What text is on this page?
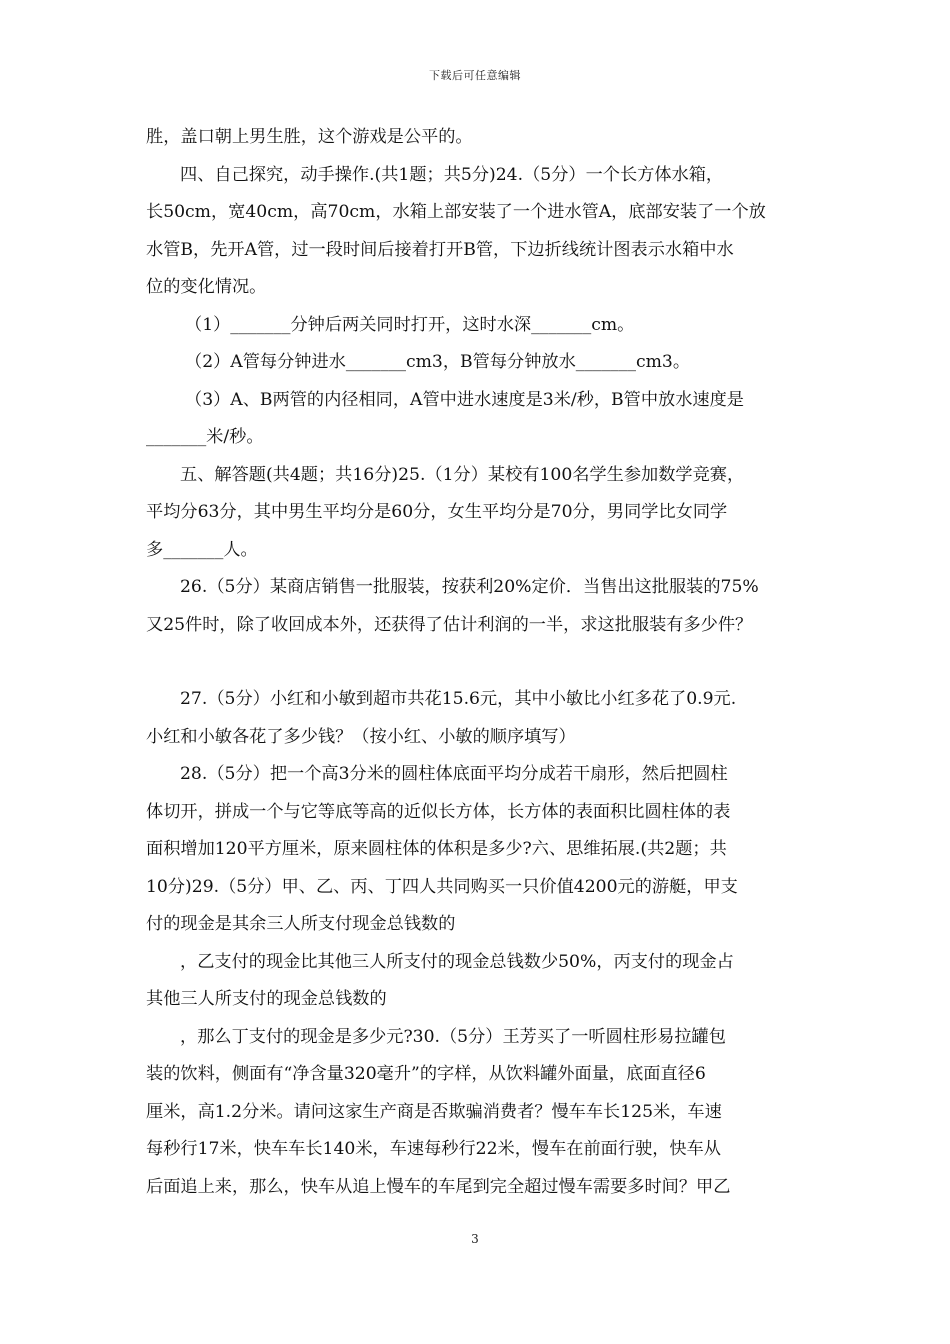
下载后可任意编辑
胜，盖口朝上男生胜，这个游戏是公平的。
四、自己探究，动手操作.(共1题；共5分)24.（5分）一个长方体水箱，
长50cm，宽40cm，高70cm，水箱上部安装了一个进水管A，底部安装了一个放
水管B，先开A管，过一段时间后接着打开B管，下边折线统计图表示水箱中水
位的变化情况。
（1）_______分钟后两关同时打开，这时水深_______cm。
（2）A管每分钟进水_______cm3，B管每分钟放水_______cm3。
（3）A、B两管的内径相同，A管中进水速度是3米/秒，B管中放水速度是
_______米/秒。
五、解答题(共4题；共16分)25.（1分）某校有100名学生参加数学竞赛，
平均分63分，其中男生平均分是60分，女生平均分是70分，男同学比女同学
多_______人。
26.（5分）某商店销售一批服装，按获利20%定价．当售出这批服装的75%
又25件时，除了收回成本外，还获得了估计利润的一半，求这批服装有多少件？
27.（5分）小红和小敏到超市共花15.6元，其中小敏比小红多花了0.9元.
小红和小敏各花了多少钱？（按小红、小敏的顺序填写）
28.（5分）把一个高3分米的圆柱体底面平均分成若干扇形，然后把圆柱
体切开，拼成一个与它等底等高的近似长方体，长方体的表面积比圆柱体的表
面积增加120平方厘米，原来圆柱体的体积是多少?六、思维拓展.(共2题；共
10分)29.（5分）甲、乙、丙、丁四人共同购买一只价值4200元的游艇，甲支
付的现金是其余三人所支付现金总钱数的
，乙支付的现金比其他三人所支付的现金总钱数少50%，丙支付的现金占
其他三人所支付的现金总钱数的
，那么丁支付的现金是多少元?30.（5分）王芳买了一听圆柱形易拉罐包
装的饮料，侧面有“净含量320毫升”的字样，从饮料罐外面量，底面直径6
厘米，高1.2分米。请问这家生产商是否欺骗消费者？慢车车长125米，车速
每秒行17米，快车车长140米，车速每秒行22米，慢车在前面行驶，快车从
后面追上来，那么，快车从追上慢车的车尾到完全超过慢车需要多时间？甲乙
3
